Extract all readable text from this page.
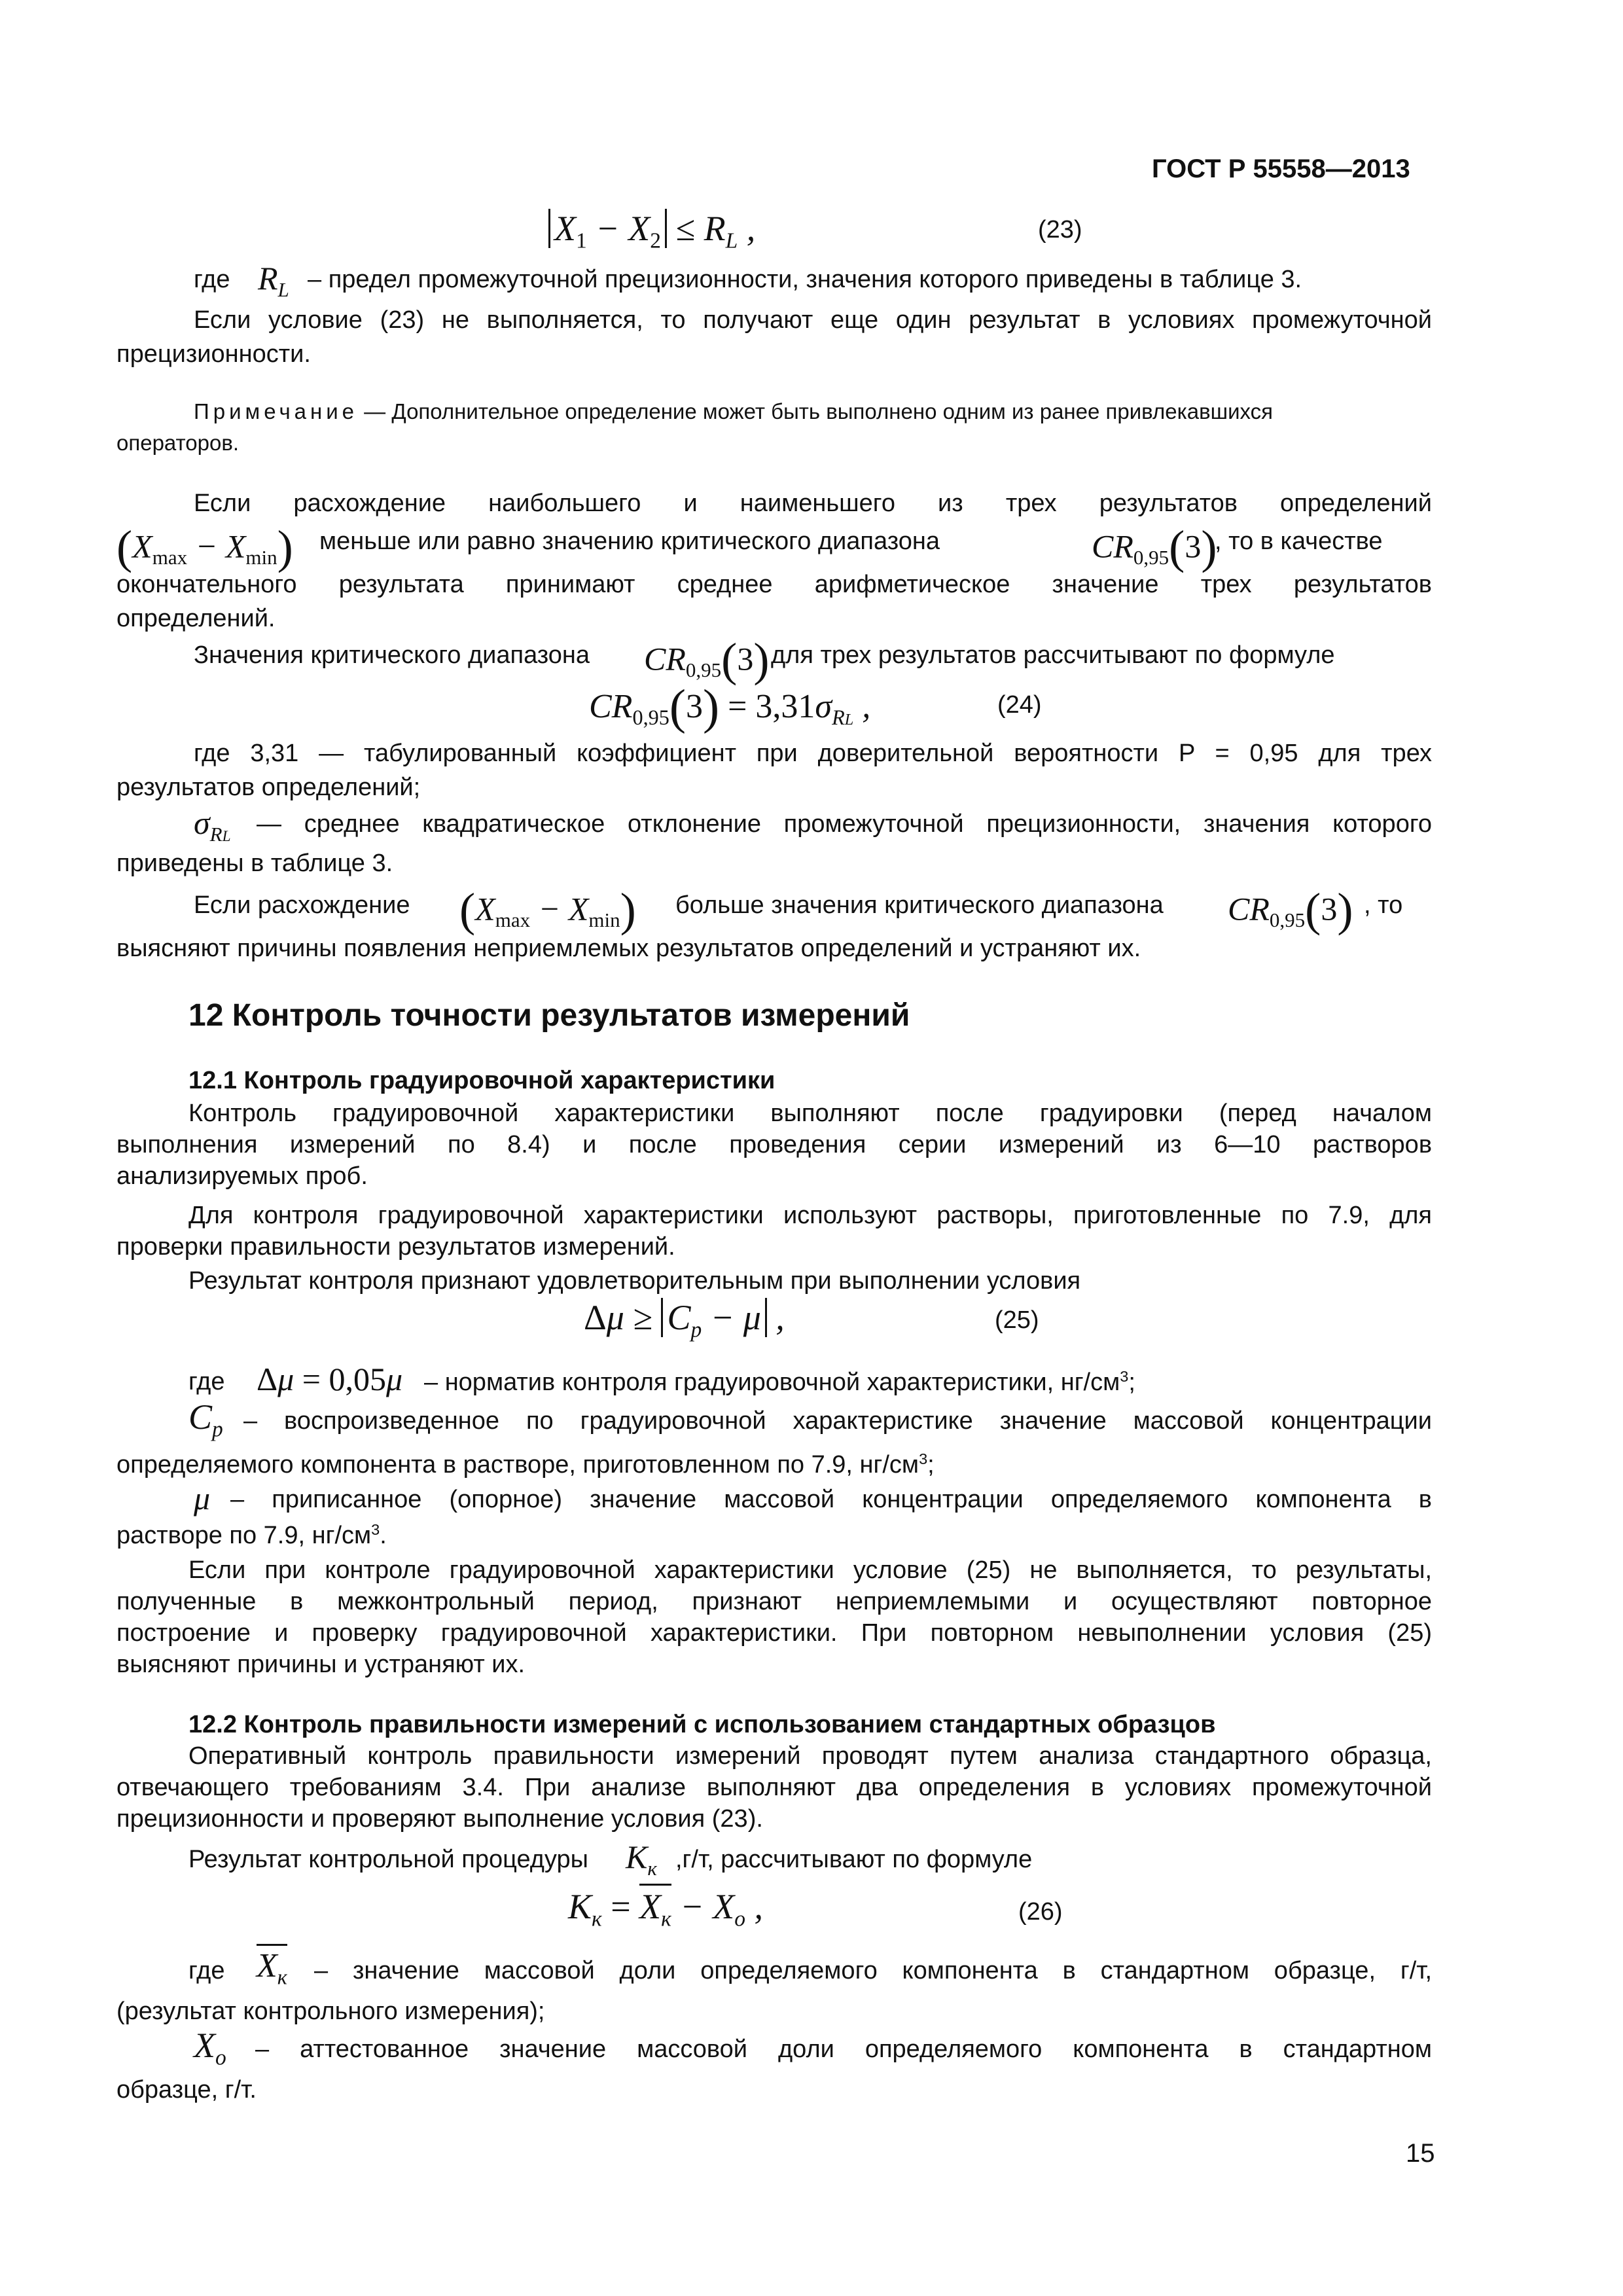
ГОСТ Р 55558—2013
$X_1 - X_2 \le R_L$ ,	(23)
где $R_L$ – предел промежуточной прецизионности, значения которого приведены в таблице 3.
Если условие (23) не выполняется, то получают еще один результат в условиях промежуточной
прецизионности.
Примечание — Дополнительное определение может быть выполнено одним из ранее привлекавшихся
операторов.
Если расхождение наибольшего и наименьшего из трех результатов определений
$(X_{max} - X_{min})$ меньше или равно значению критического диапазона	$CR_{0,95}(3)$
, то в качестве
окончательного результата принимают среднее арифметическое значение трех результатов
определений.
Значения критического диапазона $CR_{0,95}(3)$ для трех результатов рассчитывают по формуле
$CR_{0,95}(3) = 3,31\sigma_{RL}$ ,	(24)
где 3,31 — табулированный коэффициент при доверительной вероятности P = 0,95 для трех
результатов определений;
$\sigma_{RL}$ — среднее квадратическое отклонение промежуточной прецизионности, значения которого
приведены в таблице 3.
Если расхождение $(X_{max} - X_{min})$ больше значения критического диапазона $CR_{0,95}(3)$ , то
выясняют причины появления неприемлемых результатов определений и устраняют их.
12 Контроль точности результатов измерений
12.1 Контроль градуировочной характеристики
Контроль градуировочной характеристики выполняют после градуировки (перед началом
выполнения измерений по 8.4) и после проведения серии измерений из 6—10 растворов
анализируемых проб.
Для контроля градуировочной характеристики используют растворы, приготовленные по 7.9, для
проверки правильности результатов измерений.
Результат контроля признают удовлетворительным при выполнении условия
$\Delta\mu \ge C_p - \mu$ ,	(25)
где Δμ = 0,05μ – норматив контроля градуировочной характеристики, $нг/см^3$;
$C_p$ – воспроизведенное по градуировочной характеристике значение массовой концентрации
определяемого компонента в растворе, приготовленном по 7.9, $нг/см^3$;
μ – приписанное (опорное) значение массовой концентрации определяемого компонента в
растворе по 7.9, $нг/см^3$.
Если при контроле градуировочной характеристики условие (25) не выполняется, то результаты,
полученные в межконтрольный период, признают неприемлемыми и осуществляют повторное
построение и проверку градуировочной характеристики. При повторном невыполнении условия (25)
выясняют причины и устраняют их.
12.2 Контроль правильности измерений с использованием стандартных образцов
Оперативный контроль правильности измерений проводят путем анализа стандартного образца,
отвечающего требованиям 3.4. При анализе выполняют два определения в условиях промежуточной
прецизионности и проверяют выполнение условия (23).
Результат контрольной процедуры $K_к$ ,г/т, рассчитывают по формуле
$K_к = X_к - X_о$ ,	(26)
где $X_к$ – значение массовой доли определяемого компонента в стандартном образце, г/т,
(результат контрольного измерения);
$X_о$ – аттестованное значение массовой доли определяемого компонента в стандартном
образце, г/т.
15
